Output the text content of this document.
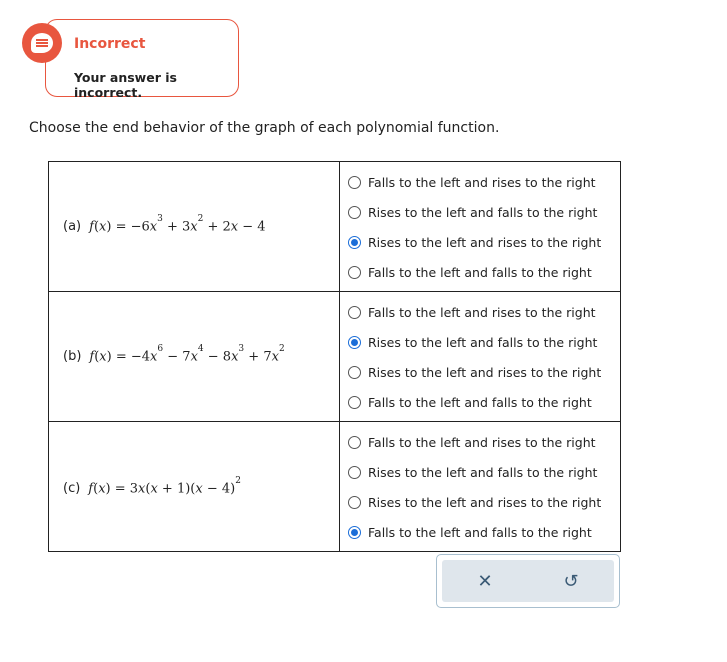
Incorrect
Your answer is incorrect.
Choose the end behavior of the graph of each polynomial function.
(a) $f(x) = -6x^3 + 3x^2 + 2x - 4$	Falls to the left and rises to the right
Rises to the left and falls to the right
Rises to the left and rises to the right
Falls to the left and falls to the right

(b) $f(x) = -4x^6 - 7x^4 - 8x^3 + 7x^2$	Falls to the left and rises to the right
Rises to the left and falls to the right
Rises to the left and rises to the right
Falls to the left and falls to the right

(c) $f(x) = 3x(x + 1)(x - 4)^2$	Falls to the left and rises to the right
Rises to the left and falls to the right
Rises to the left and rises to the right
Falls to the left and falls to the right
✕	↺
